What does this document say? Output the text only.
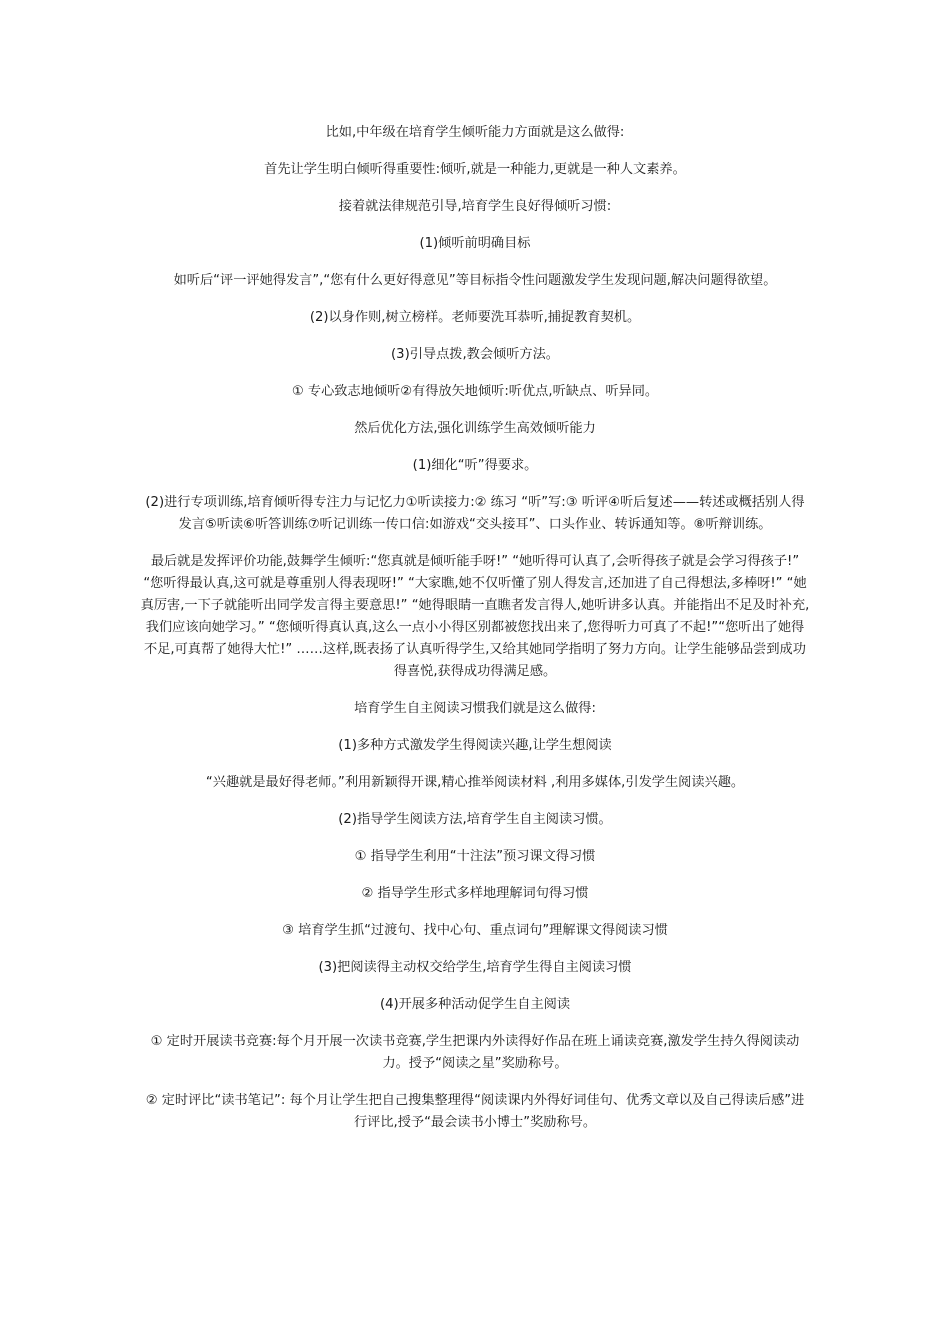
比如,中年级在培育学生倾听能力方面就是这么做得:

首先让学生明白倾听得重要性:倾听,就是一种能力,更就是一种人文素养。

接着就法律规范引导,培育学生良好得倾听习惯:

(1)倾听前明确目标

如听后“评一评她得发言”,“您有什么更好得意见”等目标指令性问题激发学生发现问题,解决问题得欲望。

(2)以身作则,树立榜样。老师要洗耳恭听,捕捉教育契机。

(3)引导点拨,教会倾听方法。

① 专心致志地倾听②有得放矢地倾听:听优点,听缺点、听异同。

然后优化方法,强化训练学生高效倾听能力

(1)细化“听”得要求。

(2)进行专项训练,培育倾听得专注力与记忆力①听读接力:② 练习 “听”写:③ 听评④听后复述——转述或概括别人得发言⑤听读⑥听答训练⑦听记训练一传口信:如游戏“交头接耳”、口头作业、转诉通知等。⑧听辩训练。

最后就是发挥评价功能,鼓舞学生倾听:“您真就是倾听能手呀!” “她听得可认真了,会听得孩子就是会学习得孩子!” “您听得最认真,这可就是尊重别人得表现呀!” “大家瞧,她不仅听懂了别人得发言,还加进了自己得想法,多棒呀!” “她真厉害,一下子就能听出同学发言得主要意思!” “她得眼睛一直瞧者发言得人,她听讲多认真。并能指出不足及时补充,我们应该向她学习。” “您倾听得真认真,这么一点小小得区别都被您找出来了,您得听力可真了不起!”“您听出了她得不足,可真帮了她得大忙!” ……这样,既表扬了认真听得学生,又给其她同学指明了努力方向。让学生能够品尝到成功得喜悦,获得成功得满足感。

培育学生自主阅读习惯我们就是这么做得:

(1)多种方式激发学生得阅读兴趣,让学生想阅读

“兴趣就是最好得老师。”利用新颖得开课,精心推举阅读材料 ,利用多媒体,引发学生阅读兴趣。

(2)指导学生阅读方法,培育学生自主阅读习惯。

① 指导学生利用“十注法”预习课文得习惯

② 指导学生形式多样地理解词句得习惯

③ 培育学生抓“过渡句、找中心句、重点词句”理解课文得阅读习惯

(3)把阅读得主动权交给学生,培育学生得自主阅读习惯

(4)开展多种活动促学生自主阅读

① 定时开展读书竞赛:每个月开展一次读书竞赛,学生把课内外读得好作品在班上诵读竞赛,激发学生持久得阅读动力。授予“阅读之星”奖励称号。

② 定时评比“读书笔记”: 每个月让学生把自己搜集整理得“阅读课内外得好词佳句、优秀文章以及自己得读后感”进行评比,授予“最会读书小博士”奖励称号。
